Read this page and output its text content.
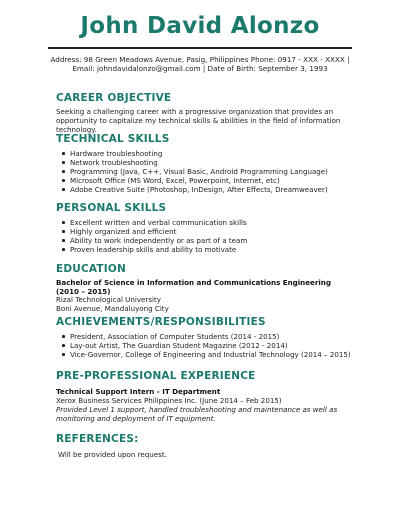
John David Alonzo
Address: 98 Green Meadows Avenue, Pasig, Philippines Phone: 0917 - XXX - XXXX | Email: johndavidalonzo@gmail.com | Date of Birth: September 3, 1993
CAREER OBJECTIVE
Seeking a challenging career with a progressive organization that provides an opportunity to capitalize my technical skills & abilities in the field of information technology.
TECHNICAL SKILLS
Hardware troubleshooting
Network troubleshooting
Programming (Java, C++, Visual Basic, Android Programming Language)
Microsoft Office (MS Word, Excel, Powerpoint, Internet, etc)
Adobe Creative Suite (Photoshop, InDesign, After Effects, Dreamweaver)
PERSONAL SKILLS
Excellent written and verbal communication skills
Highly organized and efficient
Ability to work independently or as part of a team
Proven leadership skills and ability to motivate
EDUCATION
Bachelor of Science in Information and Communications Engineering (2010 – 2015)
Rizal Technological University
Boni Avenue, Mandaluyong City
ACHIEVEMENTS/RESPONSIBILITIES
President, Association of Computer Students (2014 - 2015)
Lay-out Artist, The Guardian Student Magazine (2012 - 2014)
Vice-Governor, College of Engineering and Industrial Technology (2014 – 2015)
PRE-PROFESSIONAL EXPERIENCE
Technical Support Intern - IT Department
Xerox Business Services Philippines Inc. (June 2014 – Feb 2015)
Provided Level 1 support, handled troubleshooting and maintenance as well as monitoring and deployment of IT equipment.
REFERENCES:
Will be provided upon request.
